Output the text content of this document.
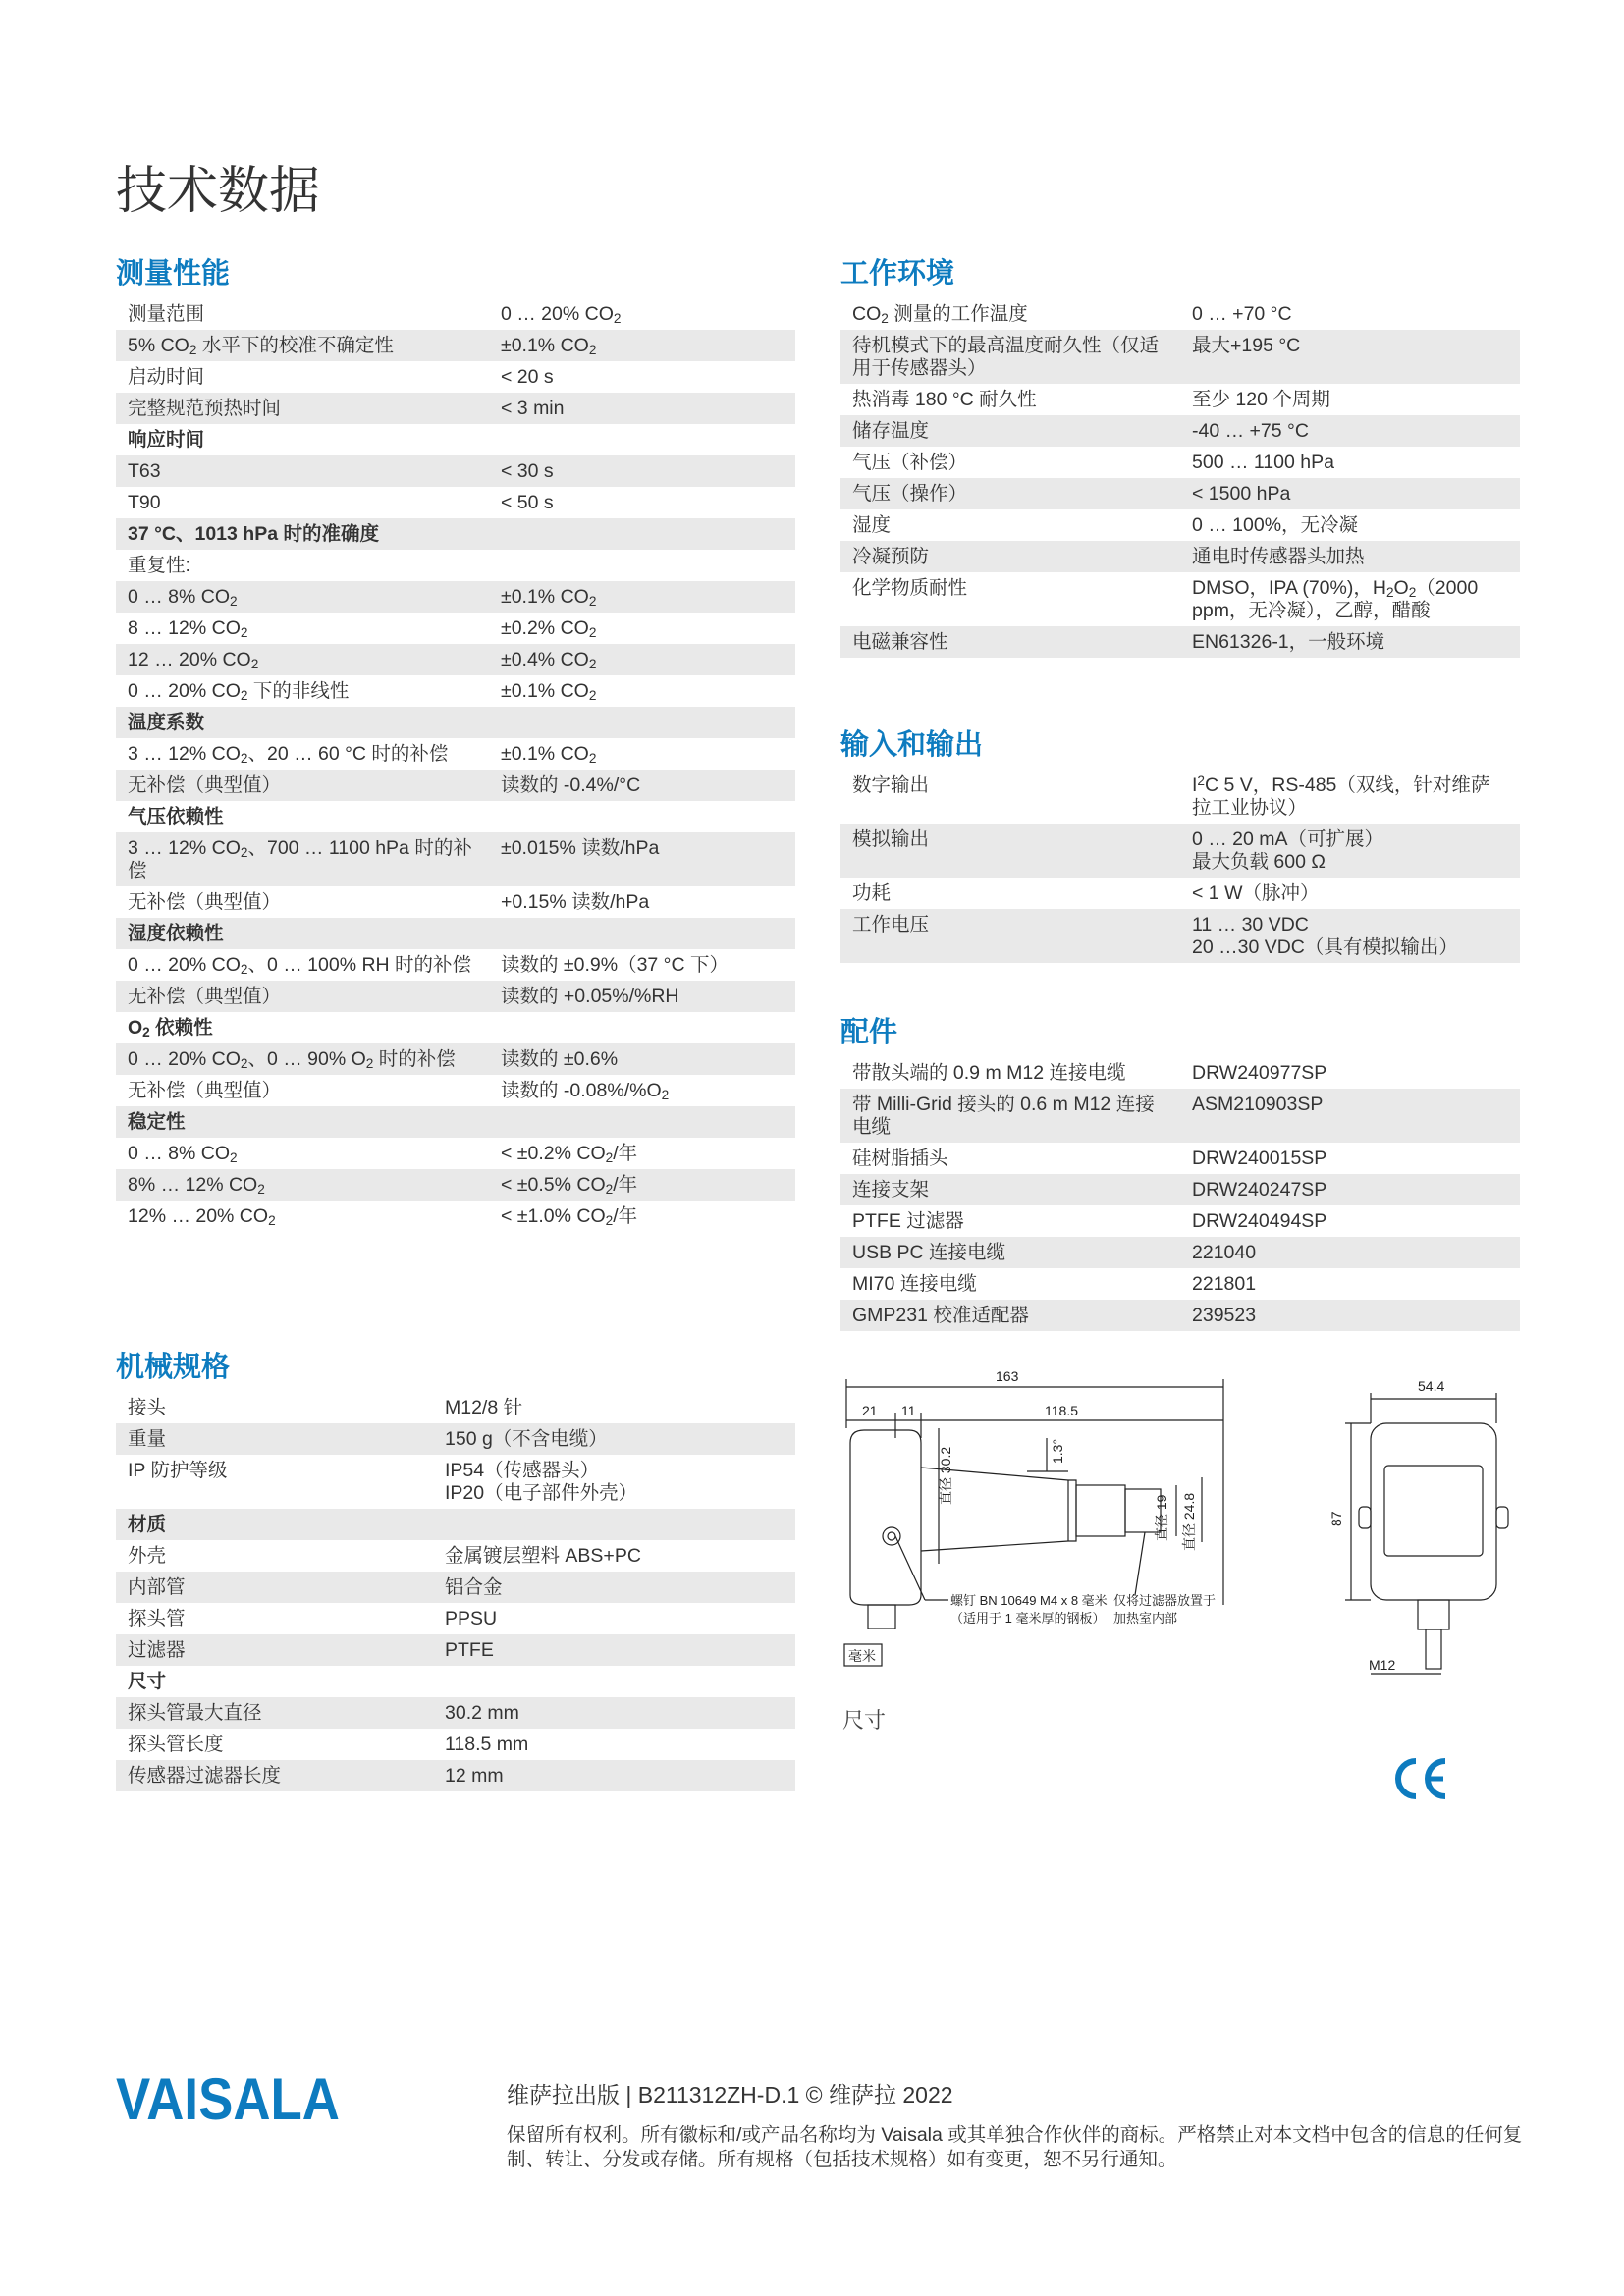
技术数据
测量性能
测量范围	0 … 20% $CO_2$
5% $CO_2$ 水平下的校准不确定性	±0.1% $CO_2$
启动时间	< 20 s
完整规范预热时间	< 3 min
响应时间	
T63	< 30 s
T90	< 50 s
37 °C、1013 hPa 时的准确度	
重复性:	
0 … 8% $CO_2$	±0.1% $CO_2$
8 … 12% $CO_2$	±0.2% $CO_2$
12 … 20% $CO_2$	±0.4% $CO_2$
0 … 20% $CO_2$ 下的非线性	±0.1% $CO_2$
温度系数	
3 … 12% $CO_2$、20 … 60 °C 时的补偿	±0.1% $CO_2$
无补偿（典型值）	读数的 -0.4%/°C
气压依赖性	
3 … 12% $CO_2$、700 … 1100 hPa 时的补偿	±0.015% 读数/hPa
无补偿（典型值）	+0.15% 读数/hPa
湿度依赖性	
0 … 20% $CO_2$、0 … 100% RH 时的补偿	读数的 ±0.9%（37 °C 下）
无补偿（典型值）	读数的 +0.05%/%RH
$O_2$ 依赖性	
0 … 20% $CO_2$、0 … 90% $O_2$ 时的补偿	读数的 ±0.6%
无补偿（典型值）	读数的 $-0.08\%/\%O_2$
稳定性	
0 … 8% $CO_2$	< ±0.2% $CO_2/$年
8% … 12% $CO_2$	< ±0.5% $CO_2/$年
12% … 20% $CO_2$	< ±1.0% $CO_2/$年
机械规格
接头	M12/8 针
重量	150 g（不含电缆）
IP 防护等级	IP54（传感器头）
IP20（电子部件外壳）
材质	
外壳	金属镀层塑料 ABS+PC
内部管	铝合金
探头管	PPSU
过滤器	PTFE
尺寸	
探头管最大直径	30.2 mm
探头管长度	118.5 mm
传感器过滤器长度	12 mm
工作环境
$CO_2$ 测量的工作温度	0 … +70 °C
待机模式下的最高温度耐久性（仅适用于传感器头）	最大+195 °C
热消毒 180 °C 耐久性	至少 120 个周期
储存温度	-40 … +75 °C
气压（补偿）	500 … 1100 hPa
气压（操作）	< 1500 hPa
湿度	0 … 100%，无冷凝
冷凝预防	通电时传感器头加热
化学物质耐性	DMSO，IPA (70%)，$H_2O_2(2000$ ppm，无冷凝），乙醇，醋酸
电磁兼容性	EN61326-1，一般环境
输入和输出
数字输出	$I^2C$ 5 V，RS-485（双线，针对维萨拉工业协议）
模拟输出	0 … 20 mA（可扩展）
最大负载 600 Ω
功耗	< 1 W（脉冲）
工作电压	11 … 30 VDC
20 …30 VDC（具有模拟输出）
配件
带散头端的 0.9 m M12 连接电缆	DRW240977SP
带 Milli-Grid 接头的 0.6 m M12 连接电缆	ASM210903SP
硅树脂插头	DRW240015SP
连接支架	DRW240247SP
PTFE 过滤器	DRW240494SP
USB PC 连接电缆	221040
MI70 连接电缆	221801
GMP231 校准适配器	239523
163
21 11	118.5
直径 30.2	1.3°
直径 19 直径 24.8	87
54.4
M12
毫米
螺钉 BN 10649 M4 x 8 毫米
（适用于 1 毫米厚的钢板）
仅将过滤器放置于
加热室内部
尺寸
VAISALA	维萨拉出版 | B211312ZH-D.1 © 维萨拉 2022
保留所有权利。所有徽标和/或产品名称均为 Vaisala 或其单独合作伙伴的商标。严格禁止对本文档中包含的信息的任何复制、转让、分发或存储。所有规格（包括技术规格）如有变更，恕不另行通知。
